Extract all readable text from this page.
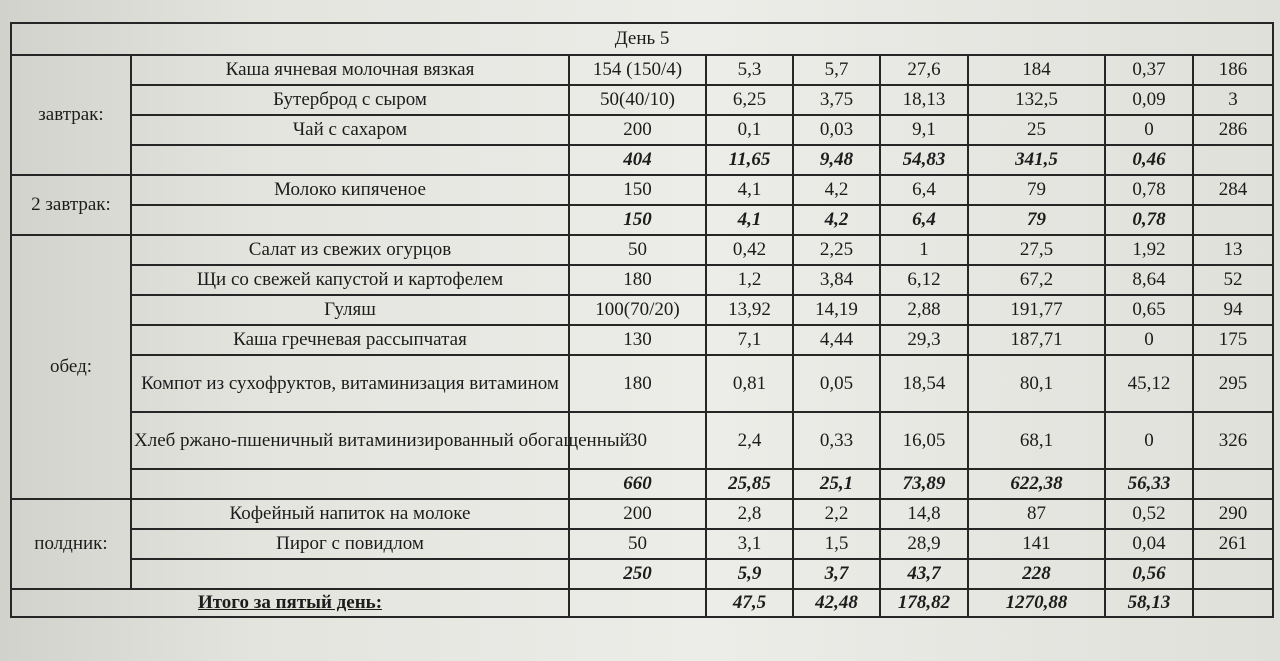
День 5								
завтрак:	Каша ячневая молочная вязкая	154 (150/4)	5,3	5,7	27,6	184	0,37	186
	Бутерброд с сыром	50(40/10)	6,25	3,75	18,13	132,5	0,09	3
	Чай с сахаром	200	0,1	0,03	9,1	25	0	286
		404	11,65	9,48	54,83	341,5	0,46	
2 завтрак:	Молоко кипяченое	150	4,1	4,2	6,4	79	0,78	284
		150	4,1	4,2	6,4	79	0,78	
обед:	Салат из свежих огурцов	50	0,42	2,25	1	27,5	1,92	13
	Щи со свежей капустой и картофелем	180	1,2	3,84	6,12	67,2	8,64	52
	Гуляш	100(70/20)	13,92	14,19	2,88	191,77	0,65	94
	Каша гречневая рассыпчатая	130	7,1	4,44	29,3	187,71	0	175
	Компот из сухофруктов, витаминизация витамином	180	0,81	0,05	18,54	80,1	45,12	295
	Хлеб ржано-пшеничный витаминизированный обогащенный	30	2,4	0,33	16,05	68,1	0	326
		660	25,85	25,1	73,89	622,38	56,33	
полдник:	Кофейный напиток на молоке	200	2,8	2,2	14,8	87	0,52	290
	Пирог с повидлом	50	3,1	1,5	28,9	141	0,04	261
		250	5,9	3,7	43,7	228	0,56	
Итого за пятый день:			47,5	42,48	178,82	1270,88	58,13	
